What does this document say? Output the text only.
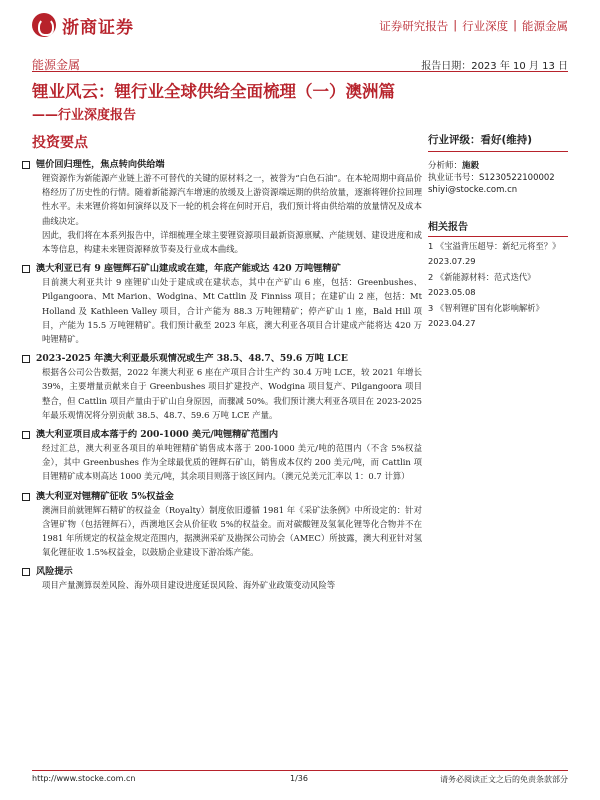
浙商证券	证券研究报告 | 行业深度 | 能源金属
能源金属	报告日期：2023 年 10 月 13 日
锂业风云：锂行业全球供给全面梳理（一）澳洲篇
——行业深度报告
投资要点
锂价回归理性，焦点转向供给端

锂资源作为新能源产业链上游不可替代的关键的原材料之一，被誉为“白色石油”。在本轮周期中商品价格经历了历史性的行情。随着新能源汽车增速的放缓及上游资源端远期的供给放量，逐渐将锂价拉回理性水平。未来锂价将如何演绎以及下一轮的机会将在何时开启，我们预计将由供给端的放量情况及成本曲线决定。

因此，我们将在本系列报告中，详细梳理全球主要锂资源项目最新资源禀赋、产能规划、建设进度和成本等信息，构建未来锂资源释放节奏及行业成本曲线。

澳大利亚已有 9 座锂辉石矿山建成或在建，年底产能或达 420 万吨锂精矿

目前澳大利亚共计 9 座锂矿山处于建成或在建状态，其中在产矿山 6 座，包括：Greenbushes、Pilgangoora、Mt Marion、Wodgina、Mt Cattlin 及 Finniss 项目；在建矿山 2 座，包括：Mt Holland 及 Kathleen Valley 项目，合计产能为 88.3 万吨锂精矿；停产矿山 1 座，Bald Hill 项目，产能为 15.5 万吨锂精矿。我们预计截至 2023 年底，澳大利亚各项目合计建成产能将达 420 万吨锂精矿。

2023-2025 年澳大利亚最乐观情况或生产 38.5、48.7、59.6 万吨 LCE

根据各公司公告数据，2022 年澳大利亚 6 座在产项目合计生产约 30.4 万吨 LCE，较 2021 年增长 39%，主要增量贡献来自于 Greenbushes 项目扩建投产、Wodgina 项目复产、Pilgangoora 项目整合，但 Cattlin 项目产量由于矿山自身原因，而骤减 50%。我们预计澳大利亚各项目在 2023-2025 年最乐观情况将分别贡献 38.5、48.7、59.6 万吨 LCE 产量。

澳大利亚项目成本落于约 200-1000 美元/吨锂精矿范围内

经过汇总，澳大利亚各项目的单吨锂精矿销售成本落于 200-1000 美元/吨的范围内（不含 5%权益金），其中 Greenbushes 作为全球最优质的锂辉石矿山，销售成本仅约 200 美元/吨，而 Cattlin 项目锂精矿成本则高达 1000 美元/吨，其余项目则落于该区间内。（澳元兑美元汇率以 1：0.7 计算）

澳大利亚对锂精矿征收 5%权益金

澳洲目前就锂辉石精矿的权益金（Royalty）制度依旧遵循 1981 年《采矿法条例》中所设定的：针对含锂矿物（包括锂辉石），西澳地区会从价征收 5%的权益金。而对碳酸锂及氢氧化锂等化合物并不在 1981 年所规定的权益金规定范围内，据澳洲采矿及勘探公司协会（AMEC）所披露，澳大利亚针对氢氧化锂征收 1.5%权益金，以鼓励企业建设下游冶炼产能。

风险提示

项目产量测算误差风险、海外项目建设进度延误风险、海外矿业政策变动风险等

行业评级：看好(维持)
分析师：施毅
执业证书号：S1230522100002
shiyi@stocke.com.cn
相关报告
1 《宝溢背压超导：新纪元将至？》 2023.07.29
2 《新能源材料：范式迭代》 2023.05.08
3 《智利锂矿国有化影响解析》 2023.04.27
http://www.stocke.com.cn	1/36	请务必阅读正文之后的免责条款部分
